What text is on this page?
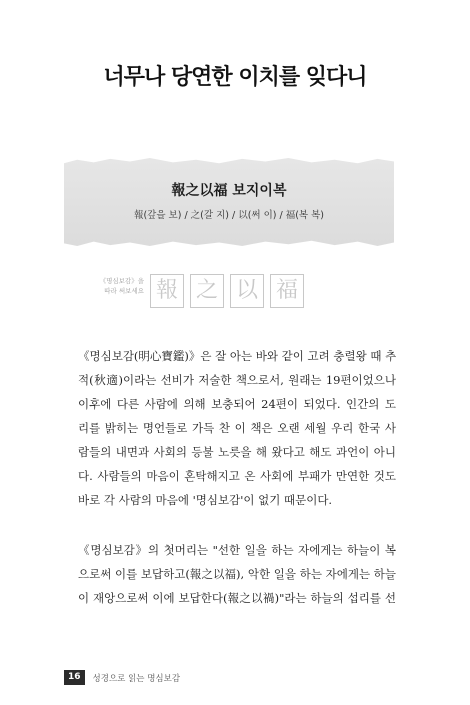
너무나 당연한 이치를 잊다니
報之以福 보지이복
報(갚을 보) / 之(갈 지) / 以(써 이) / 福(복 복)
《명심보감》을
따라 써보세요 報 之 以 福
《명심보감(明心寶鑑)》은 잘 아는 바와 같이 고려 충렬왕 때 추
적(秋適)이라는 선비가 저술한 책으로서, 원래는 19편이었으나
이후에 다른 사람에 의해 보충되어 24편이 되었다. 인간의 도
리를 밝히는 명언들로 가득 찬 이 책은 오랜 세월 우리 한국 사
람들의 내면과 사회의 등불 노릇을 해 왔다고 해도 과언이 아니
다. 사람들의 마음이 혼탁해지고 온 사회에 부패가 만연한 것도
바로 각 사람의 마음에 '명심보감'이 없기 때문이다.
《명심보감》의 첫머리는 "선한 일을 하는 자에게는 하늘이 복
으로써 이를 보답하고(報之以福), 악한 일을 하는 자에게는 하늘
이 재앙으로써 이에 보답한다(報之以禍)"라는 하늘의 섭리를 선
16	성경으로 읽는 명심보감
